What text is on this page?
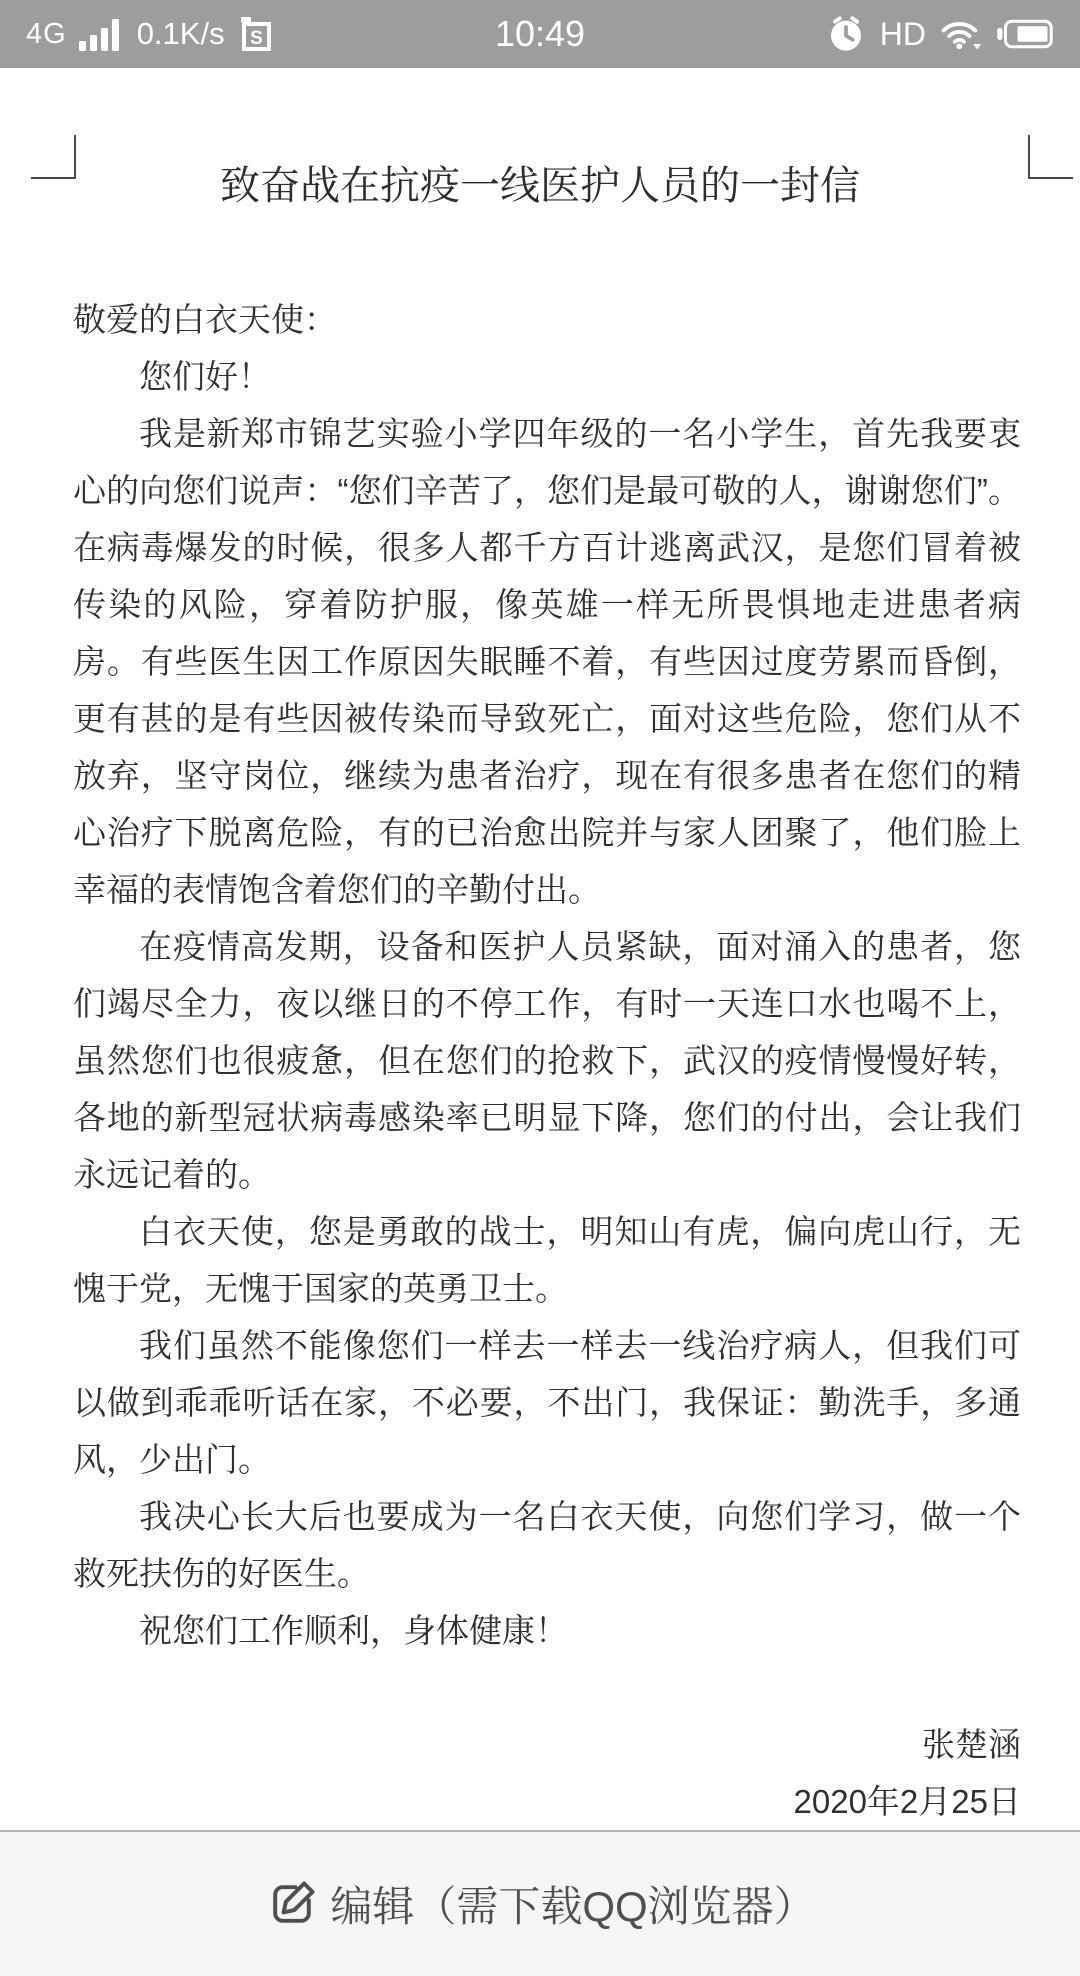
4G 0.1K/s S	10:49	HD
致奋战在抗疫一线医护人员的一封信

敬爱的白衣天使：

您们好！

我是新郑市锦艺实验小学四年级的一名小学生，首先我要衷心的向您们说声：“您们辛苦了，您们是最可敬的人，谢谢您们”。在病毒爆发的时候，很多人都千方百计逃离武汉，是您们冒着被传染的风险，穿着防护服，像英雄一样无所畏惧地走进患者病房。有些医生因工作原因失眠睡不着，有些因过度劳累而昏倒，更有甚的是有些因被传染而导致死亡，面对这些危险，您们从不放弃，坚守岗位，继续为患者治疗，现在有很多患者在您们的精心治疗下脱离危险，有的已治愈出院并与家人团聚了，他们脸上幸福的表情饱含着您们的辛勤付出。

在疫情高发期，设备和医护人员紧缺，面对涌入的患者，您们竭尽全力，夜以继日的不停工作，有时一天连口水也喝不上，虽然您们也很疲惫，但在您们的抢救下，武汉的疫情慢慢好转，各地的新型冠状病毒感染率已明显下降，您们的付出，会让我们永远记着的。

白衣天使，您是勇敢的战士，明知山有虎，偏向虎山行，无愧于党，无愧于国家的英勇卫士。

我们虽然不能像您们一样去一样去一线治疗病人，但我们可以做到乖乖听话在家，不必要，不出门，我保证：勤洗手，多通风，少出门。

我决心长大后也要成为一名白衣天使，向您们学习，做一个救死扶伤的好医生。

祝您们工作顺利，身体健康！

张楚涵

2020年2月25日

编辑（需下载QQ浏览器）
